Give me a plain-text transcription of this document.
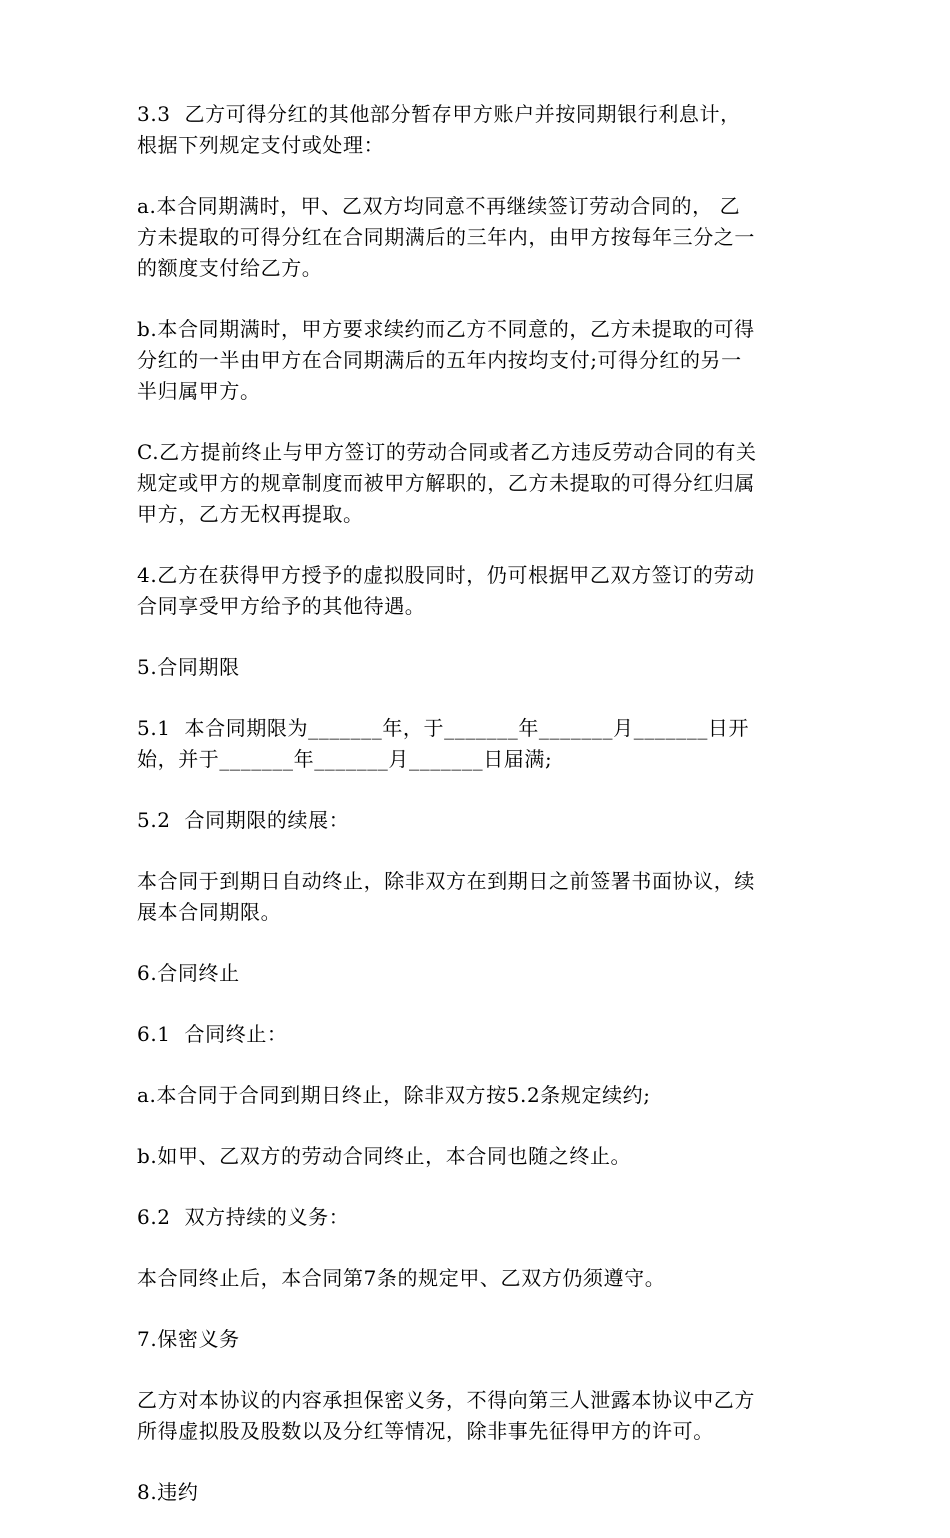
3.3  乙方可得分红的其他部分暂存甲方账户并按同期银行利息计，
根据下列规定支付或处理：
a.本合同期满时，甲、乙双方均同意不再继续签订劳动合同的， 乙
方未提取的可得分红在合同期满后的三年内，由甲方按每年三分之一
的额度支付给乙方。
b.本合同期满时，甲方要求续约而乙方不同意的，乙方未提取的可得
分红的一半由甲方在合同期满后的五年内按均支付;可得分红的另一
半归属甲方。
C.乙方提前终止与甲方签订的劳动合同或者乙方违反劳动合同的有关
规定或甲方的规章制度而被甲方解职的，乙方未提取的可得分红归属
甲方，乙方无权再提取。
4.乙方在获得甲方授予的虚拟股同时，仍可根据甲乙双方签订的劳动
合同享受甲方给予的其他待遇。
5.合同期限
5.1  本合同期限为_______年，于_______年_______月_______日开
始，并于_______年_______月_______日届满;
5.2  合同期限的续展：
本合同于到期日自动终止，除非双方在到期日之前签署书面协议，续
展本合同期限。
6.合同终止
6.1  合同终止：
a.本合同于合同到期日终止，除非双方按5.2条规定续约;
b.如甲、乙双方的劳动合同终止，本合同也随之终止。
6.2  双方持续的义务：
本合同终止后，本合同第7条的规定甲、乙双方仍须遵守。
7.保密义务
乙方对本协议的内容承担保密义务，不得向第三人泄露本协议中乙方
所得虚拟股及股数以及分红等情况，除非事先征得甲方的许可。
8.违约
